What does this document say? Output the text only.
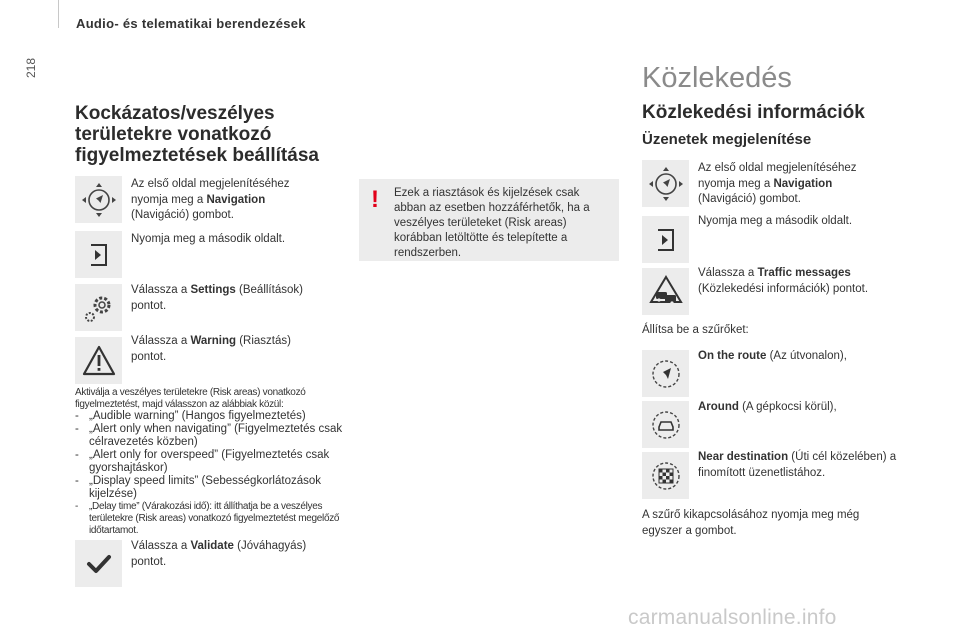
Audio- és telematikai berendezések
218
Kockázatos/veszélyes területekre vonatkozó figyelmeztetések beállítása
Az első oldal megjelenítéséhez nyomja meg a Navigation (Navigáció) gombot.
Nyomja meg a második oldalt.
Válassza a Settings (Beállítások) pontot.
Válassza a Warning (Riasztás) pontot.
Aktiválja a veszélyes területekre (Risk areas) vonatkozó figyelmeztetést, majd válasszon az alábbiak közül:
- „Audible warning” (Hangos figyelmeztetés)
- „Alert only when navigating” (Figyelmeztetés csak célravezetés közben)
- „Alert only for overspeed” (Figyelmeztetés csak gyorshajtáskor)
- „Display speed limits” (Sebességkorlátozások kijelzése)
-	„Delay time” (Várakozási idő): itt állíthatja be a veszélyes területekre (Risk areas) vonatkozó figyelmeztetést megelőző időtartamot.
Válassza a Validate (Jóváhagyás) pontot.
! Ezek a riasztások és kijelzések csak abban az esetben hozzáférhetők, ha a veszélyes területeket (Risk areas) korábban letöltötte és telepítette a rendszerben.
Közlekedés
Közlekedési információk
Üzenetek megjelenítése
Az első oldal megjelenítéséhez nyomja meg a Navigation (Navigáció) gombot.
Nyomja meg a második oldalt.
Válassza a Traffic messages (Közlekedési információk) pontot.
Állítsa be a szűrőket:
On the route (Az útvonalon),
Around (A gépkocsi körül),
Near destination (Úti cél közelében) a finomított üzenetlistához.
A szűrő kikapcsolásához nyomja meg még egyszer a gombot.
carmanualsonline.info
